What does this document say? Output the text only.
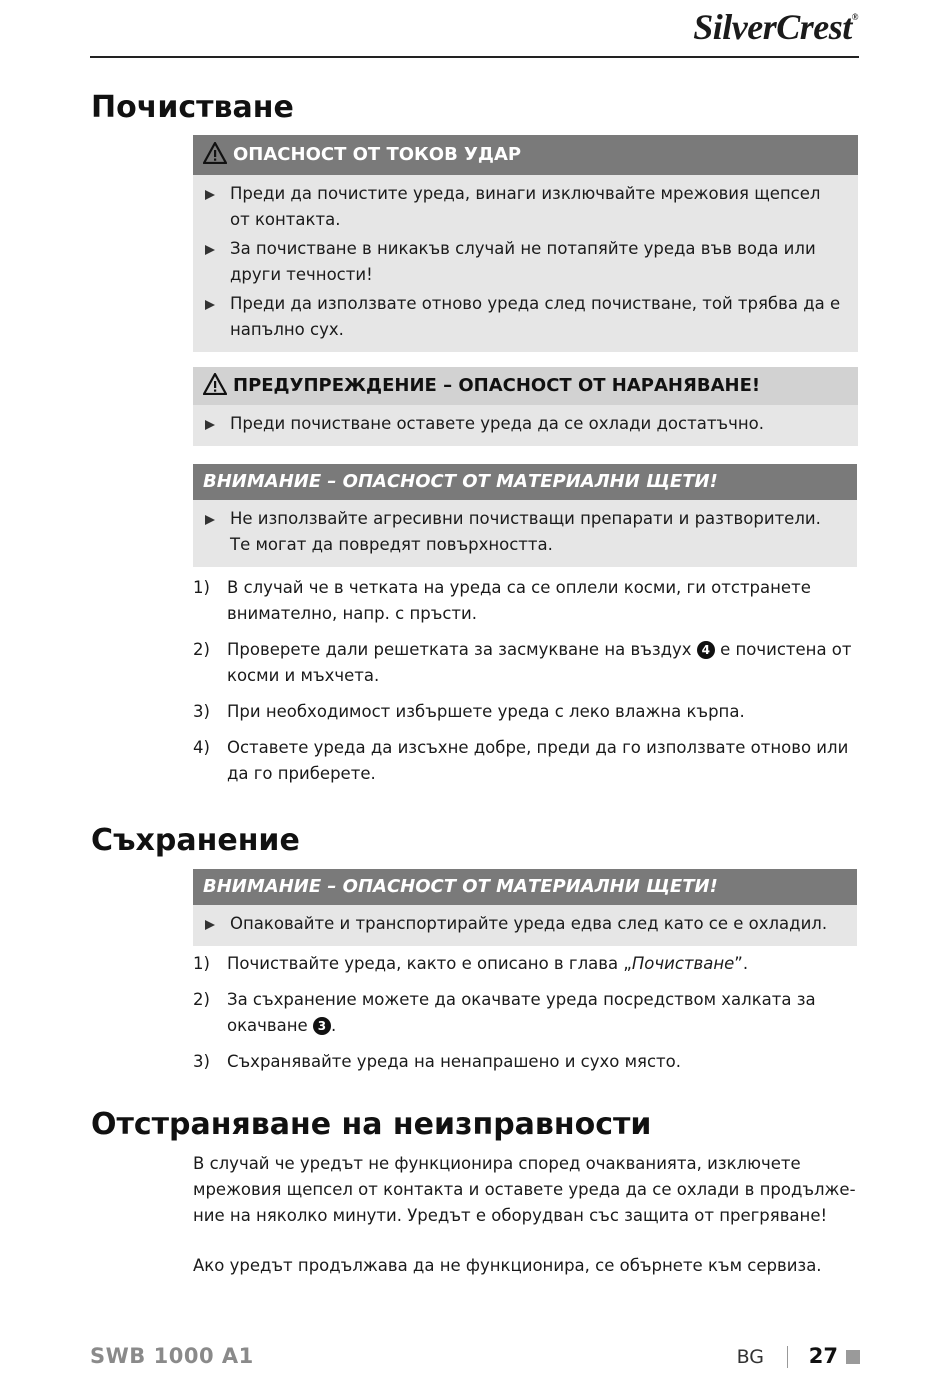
SilverCrest®
Почистване
ОПАСНОСТ ОТ ТОКОВ УДАР
Преди да почистите уреда, винаги изключвайте мрежовия щепсел от контакта.
За почистване в никакъв случай не потапяйте уреда във вода или други течности!
Преди да използвате отново уреда след почистване, той трябва да е напълно сух.
ПРЕДУПРЕЖДЕНИЕ – ОПАСНОСТ ОТ НАРАНЯВАНЕ!
Преди почистване оставете уреда да се охлади достатъчно.
ВНИМАНИЕ – ОПАСНОСТ ОТ МАТЕРИАЛНИ ЩЕТИ!
Не използвайте агресивни почистващи препарати и разтворители. Те могат да повредят повърхността.
1) В случай че в четката на уреда са се оплели косми, ги отстранете внимателно, напр. с пръсти.
2) Проверете дали решетката за засмукване на въздух 4 е почистена от косми и мъхчета.
3) При необходимост избършете уреда с леко влажна кърпа.
4) Оставете уреда да изсъхне добре, преди да го използвате отново или да го приберете.
Съхранение
ВНИМАНИЕ – ОПАСНОСТ ОТ МАТЕРИАЛНИ ЩЕТИ!
Опаковайте и транспортирайте уреда едва след като се е охладил.
1) Почиствайте уреда, както е описано в глава „Почистване”.
2) За съхранение можете да окачвате уреда посредством халката за окачване 3 .
3) Съхранявайте уреда на ненапрашено и сухо място.
Отстраняване на неизправности

В случай че уредът не функционира според очакванията, изключете мрежовия щепсел от контакта и оставете уреда да се охлади в продълже-ние на няколко минути. Уредът е оборудван със защита от прегряване!

Ако уредът продължава да не функционира, се обърнете към сервиза.

SWB 1000 A1	BG 27
